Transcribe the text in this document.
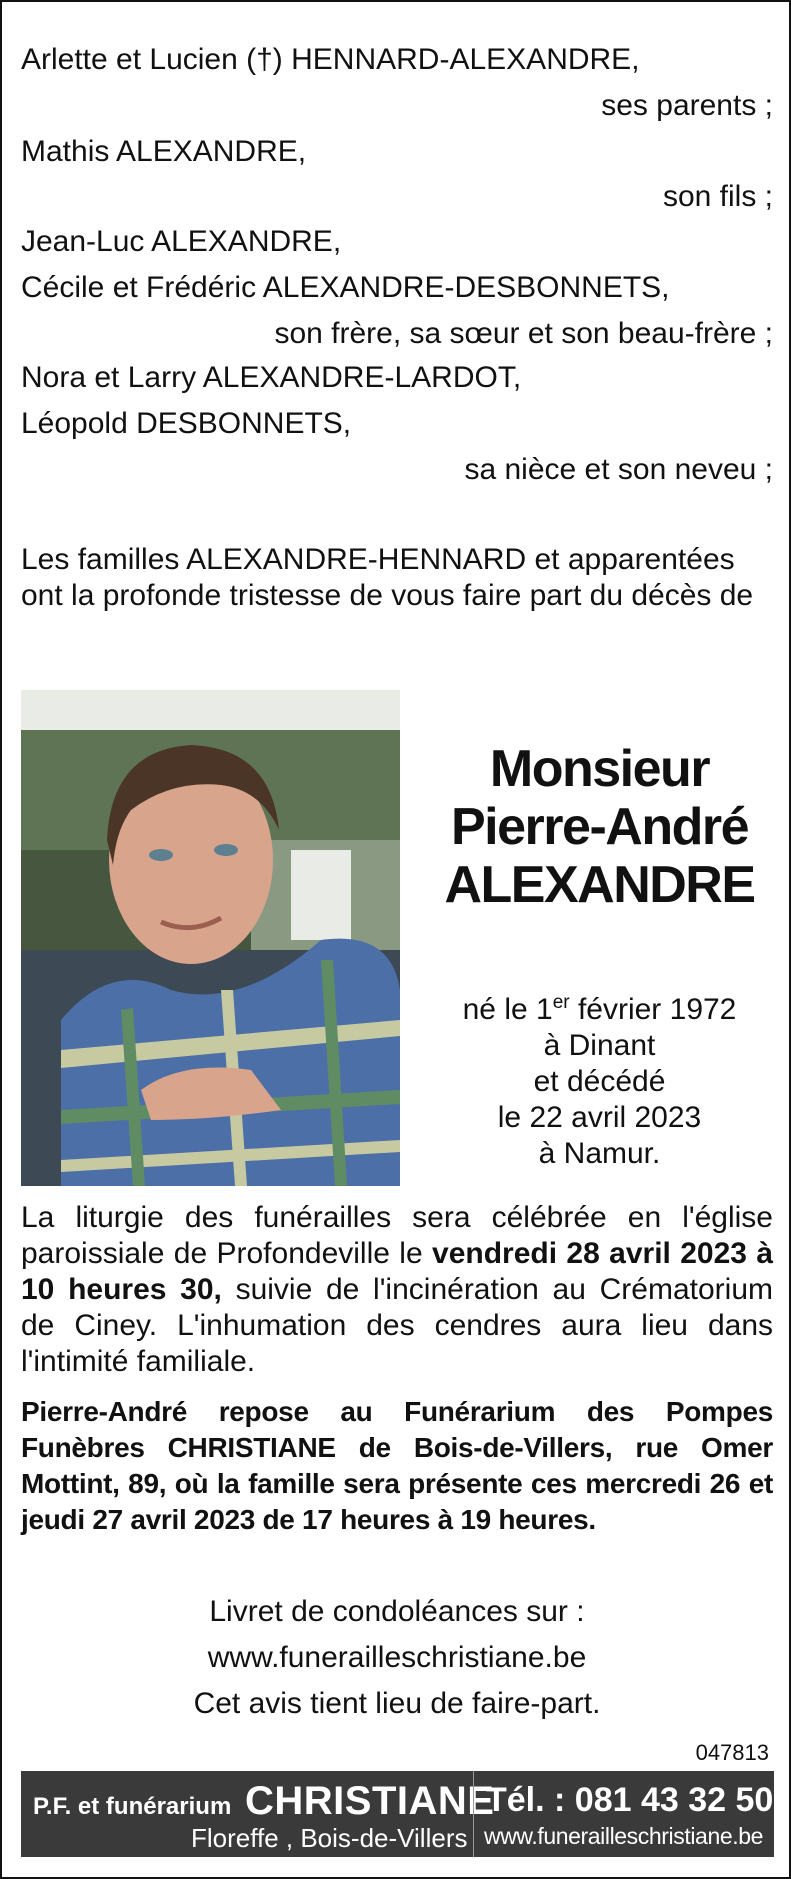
Arlette et Lucien (†) HENNARD-ALEXANDRE,
ses parents ;
Mathis ALEXANDRE,
son fils ;
Jean-Luc ALEXANDRE,
Cécile et Frédéric ALEXANDRE-DESBONNETS,
son frère, sa sœur et son beau-frère ;
Nora et Larry ALEXANDRE-LARDOT,
Léopold DESBONNETS,
sa nièce et son neveu ;
Les familles ALEXANDRE-HENNARD et apparentées ont la profonde tristesse de vous faire part du décès de
Monsieur
Pierre-André
ALEXANDRE
né le 1er février 1972
à Dinant
et décédé
le 22 avril 2023
à Namur.
La liturgie des funérailles sera célébrée en l'église paroissiale de Profondeville le vendredi 28 avril 2023 à 10 heures 30, suivie de l'incinération au Crématorium de Ciney. L'inhumation des cendres aura lieu dans l'intimité familiale.
Pierre-André repose au Funérarium des Pompes Funèbres CHRISTIANE de Bois-de-Villers, rue Omer Mottint, 89, où la famille sera présente ces mercredi 26 et jeudi 27 avril 2023 de 17 heures à 19 heures.
Livret de condoléances sur :
www.funerailleschristiane.be
Cet avis tient lieu de faire-part.
047813
P.F. et funérarium CHRISTIANE
Floreffe , Bois-de-Villers
Tél. : 081 43 32 50
www.funerailleschristiane.be
